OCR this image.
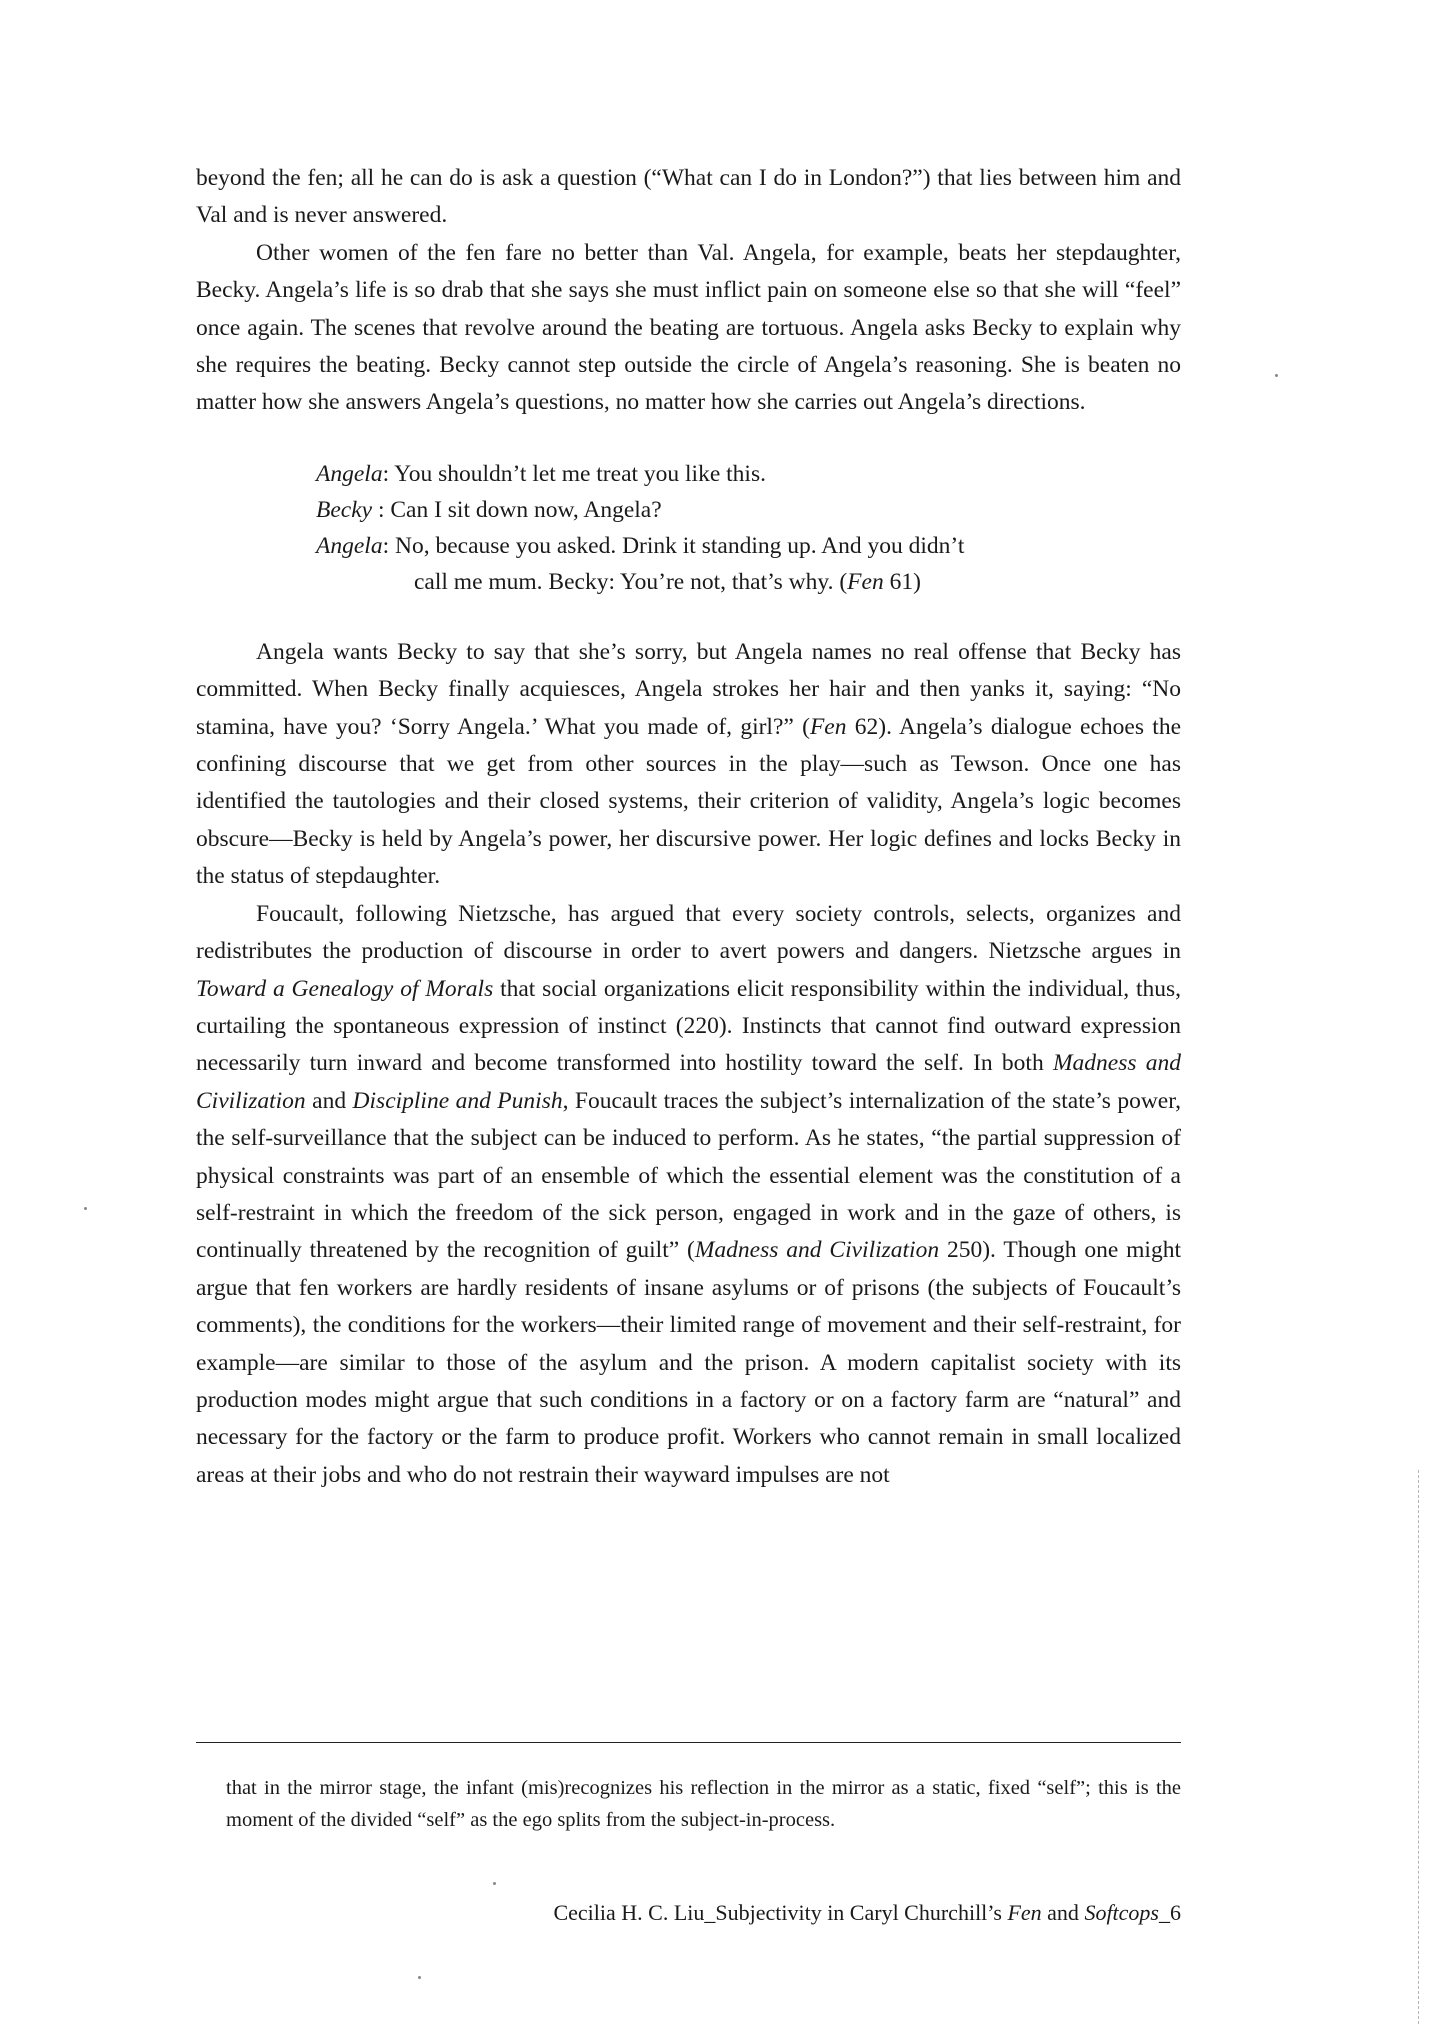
beyond the fen; all he can do is ask a question (“What can I do in London?”) that lies between him and Val and is never answered.

Other women of the fen fare no better than Val. Angela, for example, beats her stepdaughter, Becky. Angela’s life is so drab that she says she must inflict pain on someone else so that she will “feel” once again. The scenes that revolve around the beating are tortuous. Angela asks Becky to explain why she requires the beating. Becky cannot step outside the circle of Angela’s reasoning. She is beaten no matter how she answers Angela’s questions, no matter how she carries out Angela’s directions.

Angela: You shouldn’t let me treat you like this.
Becky : Can I sit down now, Angela?
Angela: No, because you asked. Drink it standing up. And you didn’t
call me mum. Becky: You’re not, that’s why. (Fen 61)

Angela wants Becky to say that she’s sorry, but Angela names no real offense that Becky has committed. When Becky finally acquiesces, Angela strokes her hair and then yanks it, saying: “No stamina, have you? ‘Sorry Angela.’ What you made of, girl?” (Fen 62). Angela’s dialogue echoes the confining discourse that we get from other sources in the play—such as Tewson. Once one has identified the tautologies and their closed systems, their criterion of validity, Angela’s logic becomes obscure—Becky is held by Angela’s power, her discursive power. Her logic defines and locks Becky in the status of stepdaughter.

Foucault, following Nietzsche, has argued that every society controls, selects, organizes and redistributes the production of discourse in order to avert powers and dangers. Nietzsche argues in Toward a Genealogy of Morals that social organizations elicit responsibility within the individual, thus, curtailing the spontaneous expression of instinct (220). Instincts that cannot find outward expression necessarily turn inward and become transformed into hostility toward the self. In both Madness and Civilization and Discipline and Punish, Foucault traces the subject’s internalization of the state’s power, the self-surveillance that the subject can be induced to perform. As he states, “the partial suppression of physical constraints was part of an ensemble of which the essential element was the constitution of a self-restraint in which the freedom of the sick person, engaged in work and in the gaze of others, is continually threatened by the recognition of guilt” (Madness and Civilization 250). Though one might argue that fen workers are hardly residents of insane asylums or of prisons (the subjects of Foucault’s comments), the conditions for the workers—their limited range of movement and their self-restraint, for example—are similar to those of the asylum and the prison. A modern capitalist society with its production modes might argue that such conditions in a factory or on a factory farm are “natural” and necessary for the factory or the farm to produce profit. Workers who cannot remain in small localized areas at their jobs and who do not restrain their wayward impulses are not

that in the mirror stage, the infant (mis)recognizes his reflection in the mirror as a static, fixed “self”; this is the moment of the divided “self” as the ego splits from the subject-in-process.

Cecilia H. C. Liu_Subjectivity in Caryl Churchill’s Fen and Softcops_6
